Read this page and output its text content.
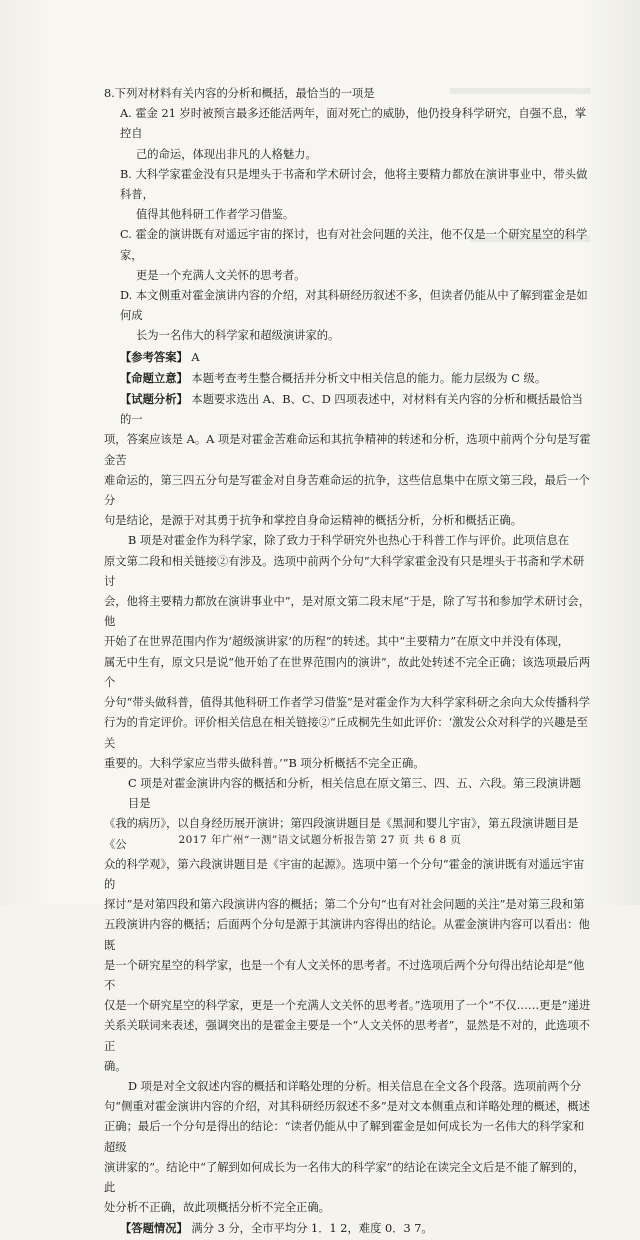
8.下列对材料有关内容的分析和概括，最恰当的一项是

A. 霍金 21 岁时被预言最多还能活两年，面对死亡的威胁，他仍投身科学研究，自强不息，掌控自
己的命运，体现出非凡的人格魅力。
B. 大科学家霍金没有只是埋头于书斋和学术研讨会，他将主要精力都放在演讲事业中，带头做科普，
值得其他科研工作者学习借鉴。
C. 霍金的演讲既有对遥远宇宙的探讨，也有对社会问题的关注，他不仅是一个研究星空的科学家，
更是一个充满人文关怀的思考者。
D. 本文侧重对霍金演讲内容的介绍，对其科研经历叙述不多，但读者仍能从中了解到霍金是如何成
长为一名伟大的科学家和超级演讲家的。

【参考答案】 A

【命题立意】 本题考查考生整合概括并分析文中相关信息的能力。能力层级为 C 级。

【试题分析】 本题要求选出 A、B、C、D 四项表述中，对材料有关内容的分析和概括最恰当的一

项，答案应该是 A。A 项是对霍金苦难命运和其抗争精神的转述和分析，选项中前两个分句是写霍金苦

难命运的，第三四五分句是写霍金对自身苦难命运的抗争，这些信息集中在原文第三段，最后一个分

句是结论，是源于对其勇于抗争和掌控自身命运精神的概括分析，分析和概括正确。

B 项是对霍金作为科学家，除了致力于科学研究外也热心于科普工作与评价。此项信息在

原文第二段和相关链接②有涉及。选项中前两个分句“大科学家霍金没有只是埋头于书斋和学术研讨

会，他将主要精力都放在演讲事业中”，是对原文第二段末尾“于是，除了写书和参加学术研讨会，他

开始了在世界范围内作为‘超级演讲家’的历程”的转述。其中“主要精力”在原文中并没有体现，

属无中生有，原文只是说“他开始了在世界范围内的演讲”，故此处转述不完全正确；该选项最后两个

分句“带头做科普，值得其他科研工作者学习借鉴”是对霍金作为大科学家科研之余向大众传播科学

行为的肯定评价。评价相关信息在相关链接②“丘成桐先生如此评价：‘激发公众对科学的兴趣是至关

重要的。大科学家应当带头做科普。’”B 项分析概括不完全正确。

C 项是对霍金演讲内容的概括和分析，相关信息在原文第三、四、五、六段。第三段演讲题目是

《我的病历》，以自身经历展开演讲；第四段演讲题目是《黑洞和婴儿宇宙》，第五段演讲题目是《公

众的科学观》，第六段演讲题目是《宇宙的起源》。选项中第一个分句“霍金的演讲既有对遥远宇宙的

探讨”是对第四段和第六段演讲内容的概括；第二个分句“也有对社会问题的关注”是对第三段和第

五段演讲内容的概括；后面两个分句是源于其演讲内容得出的结论。从霍金演讲内容可以看出：他既

是一个研究星空的科学家，也是一个有人文关怀的思考者。不过选项后两个分句得出结论却是“他不

仅是一个研究星空的科学家，更是一个充满人文关怀的思考者。”选项用了一个“不仅……更是”递进

关系关联词来表述，强调突出的是霍金主要是一个“人文关怀的思考者”，显然是不对的，此选项不正

确。

D 项是对全文叙述内容的概括和详略处理的分析。相关信息在全文各个段落。选项前两个分

句“侧重对霍金演讲内容的介绍，对其科研经历叙述不多”是对文本侧重点和详略处理的概述，概述

正确；最后一个分句是得出的结论：“读者仍能从中了解到霍金是如何成长为一名伟大的科学家和超级

演讲家的”。结论中“了解到如何成长为一名伟大的科学家”的结论在读完全文后是不能了解到的，此

处分析不正确，故此项概括分析不完全正确。

【答题情况】 满分 3 分，全市平均分 1．1 2，难度 0．3 7。

2017 年广州“一测”语文试题分析报告第 27 页 共 6 8 页
